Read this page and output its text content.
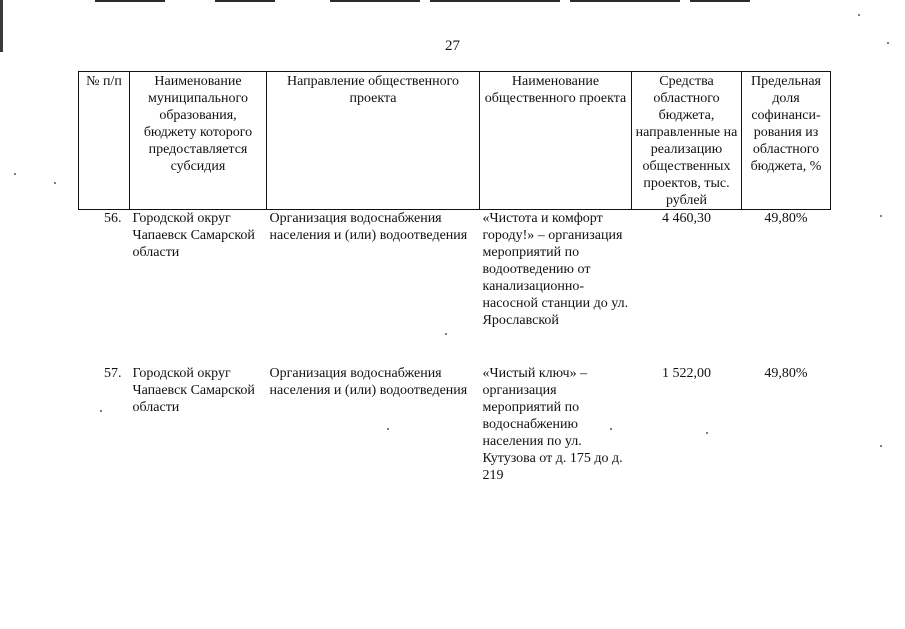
27
№ п/п	Наименование муниципального образования, бюджету которого предоставляется субсидия	Направление общественного проекта	Наименование общественного проекта	Средства областного бюджета, направленные на реализацию общественных проектов, тыс. рублей	Предельная доля софинанси-рования из областного бюджета, %
56.	Городской округ Чапаевск Самарской области	Организация водоснабжения населения и (или) водоотведения	«Чистота и комфорт городу!» – организация мероприятий по водоотведению от канализационно-насосной станции до ул. Ярославской	4 460,30	49,80%
57.	Городской округ Чапаевск Самарской области	Организация водоснабжения населения и (или) водоотведения	«Чистый ключ» – организация мероприятий по водоснабжению населения по ул. Кутузова от д. 175 до д. 219	1 522,00	49,80%
